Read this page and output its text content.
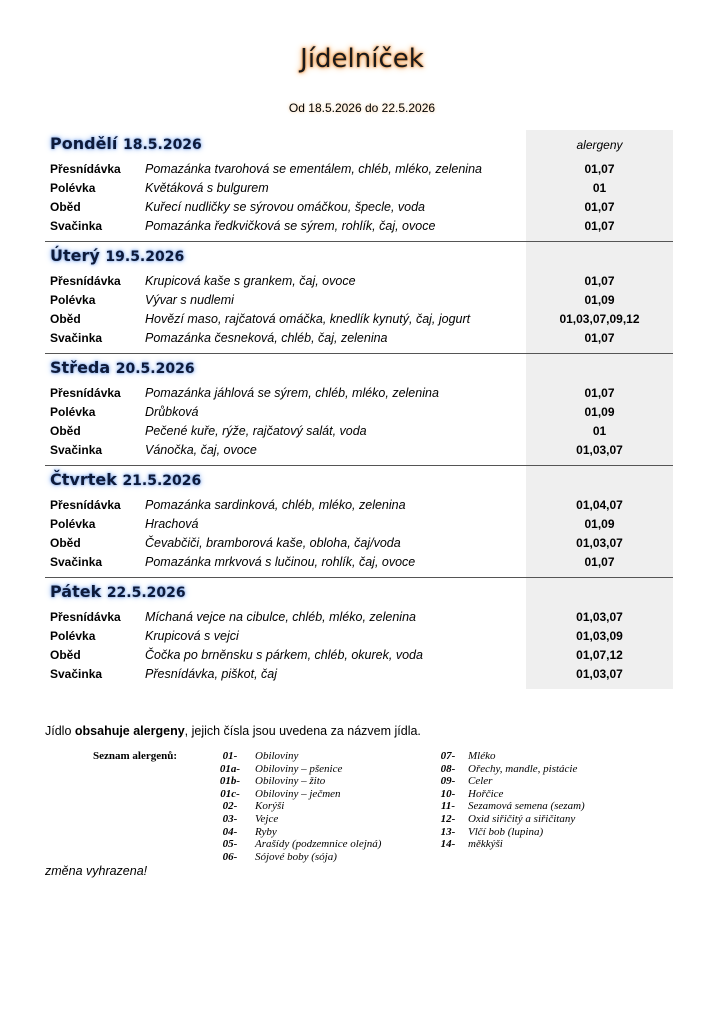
Jídelníček
Od 18.5.2026 do 22.5.2026
Pondělí 18.5.2026	alergeny
Přesnídávka Pomazánka tvarohová se ementálem, chléb, mléko, zelenina	01,07
Polévka	Květáková s bulgurem	01
Oběd	Kuřecí nudličky se sýrovou omáčkou, špecle, voda	01,07
Svačinka	Pomazánka ředkvičková se sýrem, rohlík, čaj, ovoce	01,07
Úterý 19.5.2026
Přesnídávka Krupicová kaše s grankem, čaj, ovoce	01,07
Polévka	Vývar s nudlemi	01,09
Oběd	Hovězí maso, rajčatová omáčka, knedlík kynutý, čaj, jogurt	01,03,07,09,12
Svačinka	Pomazánka česneková, chléb, čaj, zelenina	01,07
Středa 20.5.2026
Přesnídávka Pomazánka jáhlová se sýrem, chléb, mléko, zelenina	01,07
Polévka	Drůbková	01,09
Oběd	Pečené kuře, rýže, rajčatový salát, voda	01
Svačinka	Vánočka, čaj, ovoce	01,03,07
Čtvrtek 21.5.2026
Přesnídávka Pomazánka sardinková, chléb, mléko, zelenina	01,04,07
Polévka	Hrachová	01,09
Oběd	Čevabčiči, bramborová kaše, obloha, čaj/voda	01,03,07
Svačinka	Pomazánka mrkvová s lučinou, rohlík, čaj, ovoce	01,07
Pátek 22.5.2026
Přesnídávka Míchaná vejce na cibulce, chléb, mléko, zelenina	01,03,07
Polévka	Krupicová s vejci	01,03,09
Oběd	Čočka po brněnsku s párkem, chléb, okurek, voda	01,07,12
Svačinka	Přesnídávka, piškot, čaj	01,03,07
Jídlo obsahuje alergeny, jejich čísla jsou uvedena za názvem jídla.
Seznam alergenů:	01-	Obiloviny	07-	Mléko
01a-	Obiloviny – pšenice	08-	Ořechy, mandle, pistácie
01b-	Obiloviny – žito	09-	Celer
01c-	Obiloviny – ječmen	10-	Hořčice
02-	Korýši	11-	Sezamová semena (sezam)
03-	Vejce	12-	Oxid siřičitý a siřičitany
04-	Ryby	13-	Vlčí bob (lupina)
05-	Arašídy (podzemnice olejná)	14-	měkkýši
06-	Sójové boby (sója)
změna vyhrazena!
